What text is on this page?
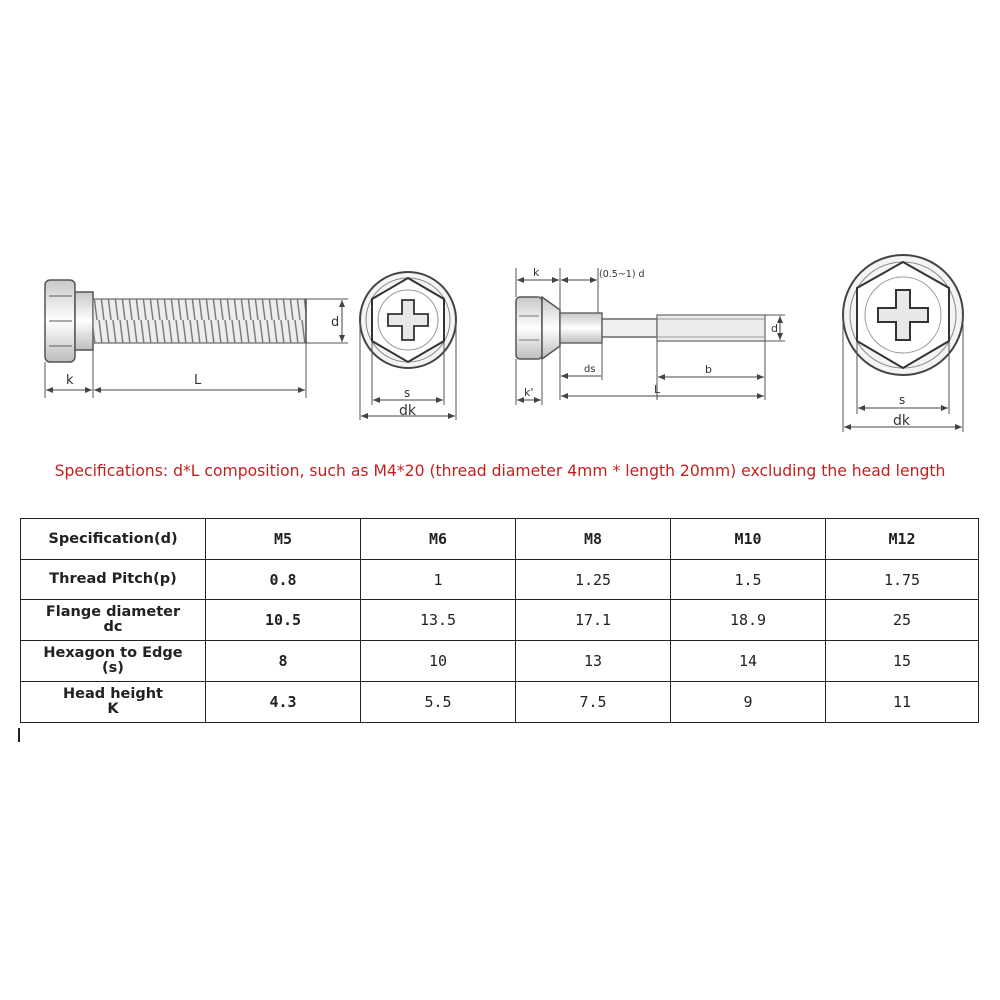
k	L
d
s
dk
k	(0.5~1) d
ds	b
L
k'
d
s
dk
Specifications: d*L composition, such as M4*20 (thread diameter 4mm * length 20mm) excluding the head length
Specification(d)	M5	M6	M8	M10	M12
Thread Pitch(p)	0.8	1	1.25	1.5	1.75

Flange diameter
dc	10.5	13.5	17.1	18.9	25

Hexagon to Edge
(s)	8	10	13	14	15

Head height
K	4.3	5.5	7.5	9	11
